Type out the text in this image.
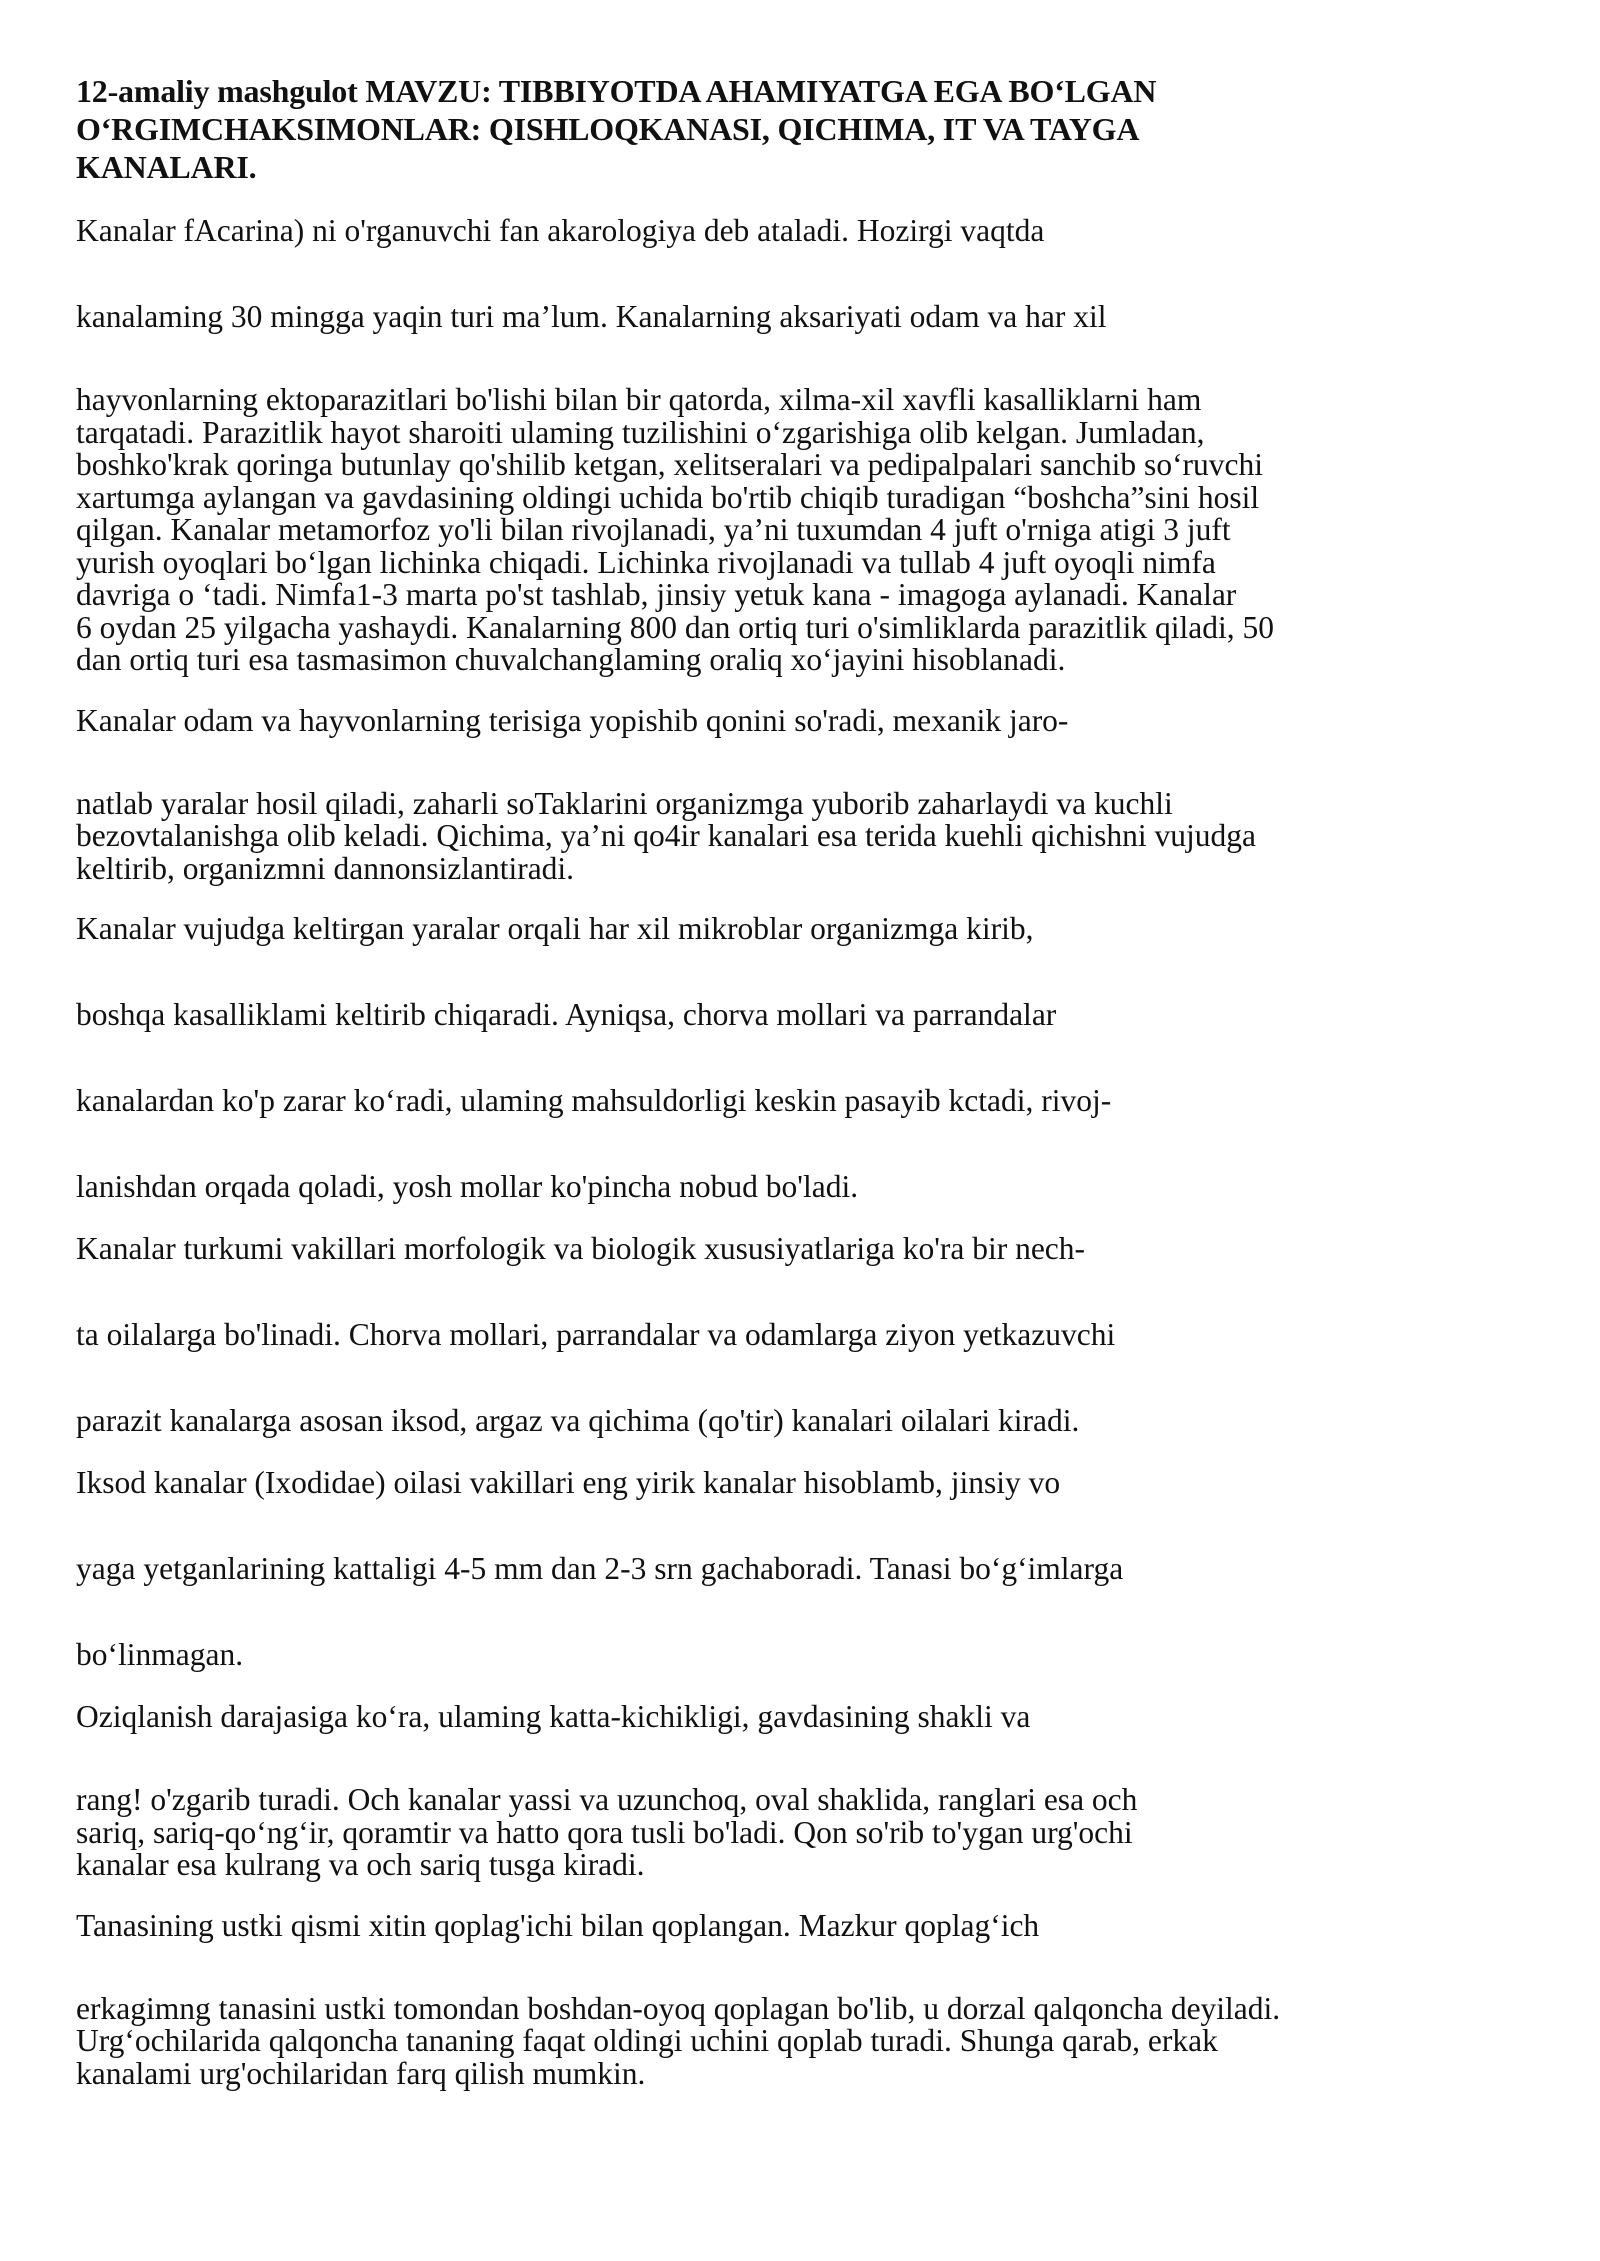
12-amaliy mashgulot MAVZU: TIBBIYOTDA AHAMIYATGA EGA BO‘LGAN
O‘RGIMCHAKSIMONLAR: QISHLOQKANASI, QICHIMA, IT VA TAYGA
KANALARI.
Kanalar fAcarina) ni o'rganuvchi fan akarologiya deb ataladi. Hozirgi vaqtda
kanalaming 30 mingga yaqin turi ma’lum. Kanalarning aksariyati odam va har xil
hayvonlarning ektoparazitlari bo'lishi bilan bir qatorda, xilma-xil xavfli kasalliklarni ham
tarqatadi. Parazitlik hayot sharoiti ulaming tuzilishini o‘zgarishiga olib kelgan. Jumladan,
boshko'krak qoringa butunlay qo'shilib ketgan, xelitseralari va pedipalpalari sanchib so‘ruvchi
xartumga aylangan va gavdasining oldingi uchida bo'rtib chiqib turadigan “boshcha”sini hosil
qilgan. Kanalar metamorfoz yo'li bilan rivojlanadi, ya’ni tuxumdan 4 juft o'rniga atigi 3 juft
yurish oyoqlari bo‘lgan lichinka chiqadi. Lichinka rivojlanadi va tullab 4 juft oyoqli nimfa
davriga o ‘tadi. Nimfa1-3 marta po'st tashlab, jinsiy yetuk kana - imagoga aylanadi. Kanalar
6 oydan 25 yilgacha yashaydi. Kanalarning 800 dan ortiq turi o'simliklarda parazitlik qiladi, 50
dan ortiq turi esa tasmasimon chuvalchanglaming oraliq xo‘jayini hisoblanadi.
Kanalar odam va hayvonlarning terisiga yopishib qonini so'radi, mexanik jaro-
natlab yaralar hosil qiladi, zaharli soTaklarini organizmga yuborib zaharlaydi va kuchli
bezovtalanishga olib keladi. Qichima, ya’ni qo4ir kanalari esa terida kuehli qichishni vujudga
keltirib, organizmni dannonsizlantiradi.
Kanalar vujudga keltirgan yaralar orqali har xil mikroblar organizmga kirib,
boshqa kasalliklami keltirib chiqaradi. Ayniqsa, chorva mollari va parrandalar
kanalardan ko'p zarar ko‘radi, ulaming mahsuldorligi keskin pasayib kctadi, rivoj-
lanishdan orqada qoladi, yosh mollar ko'pincha nobud bo'ladi.
Kanalar turkumi vakillari morfologik va biologik xususiyatlariga ko'ra bir nech-
ta oilalarga bo'linadi. Chorva mollari, parrandalar va odamlarga ziyon yetkazuvchi
parazit kanalarga asosan iksod, argaz va qichima (qo'tir) kanalari oilalari kiradi.
Iksod kanalar (Ixodidae) oilasi vakillari eng yirik kanalar hisoblamb, jinsiy vo
yaga yetganlarining kattaligi 4-5 mm dan 2-3 srn gachaboradi. Tanasi bo‘g‘imlarga
bo‘linmagan.
Oziqlanish darajasiga ko‘ra, ulaming katta-kichikligi, gavdasining shakli va
rang! o'zgarib turadi. Och kanalar yassi va uzunchoq, oval shaklida, ranglari esa och
sariq, sariq-qo‘ng‘ir, qoramtir va hatto qora tusli bo'ladi. Qon so'rib to'ygan urg'ochi
kanalar esa kulrang va och sariq tusga kiradi.
Tanasining ustki qismi xitin qoplag'ichi bilan qoplangan. Mazkur qoplag‘ich
erkagimng tanasini ustki tomondan boshdan-oyoq qoplagan bo'lib, u dorzal qalqoncha deyiladi.
Urg‘ochilarida qalqoncha tananing faqat oldingi uchini qoplab turadi. Shunga qarab, erkak
kanalami urg'ochilaridan farq qilish mumkin.
